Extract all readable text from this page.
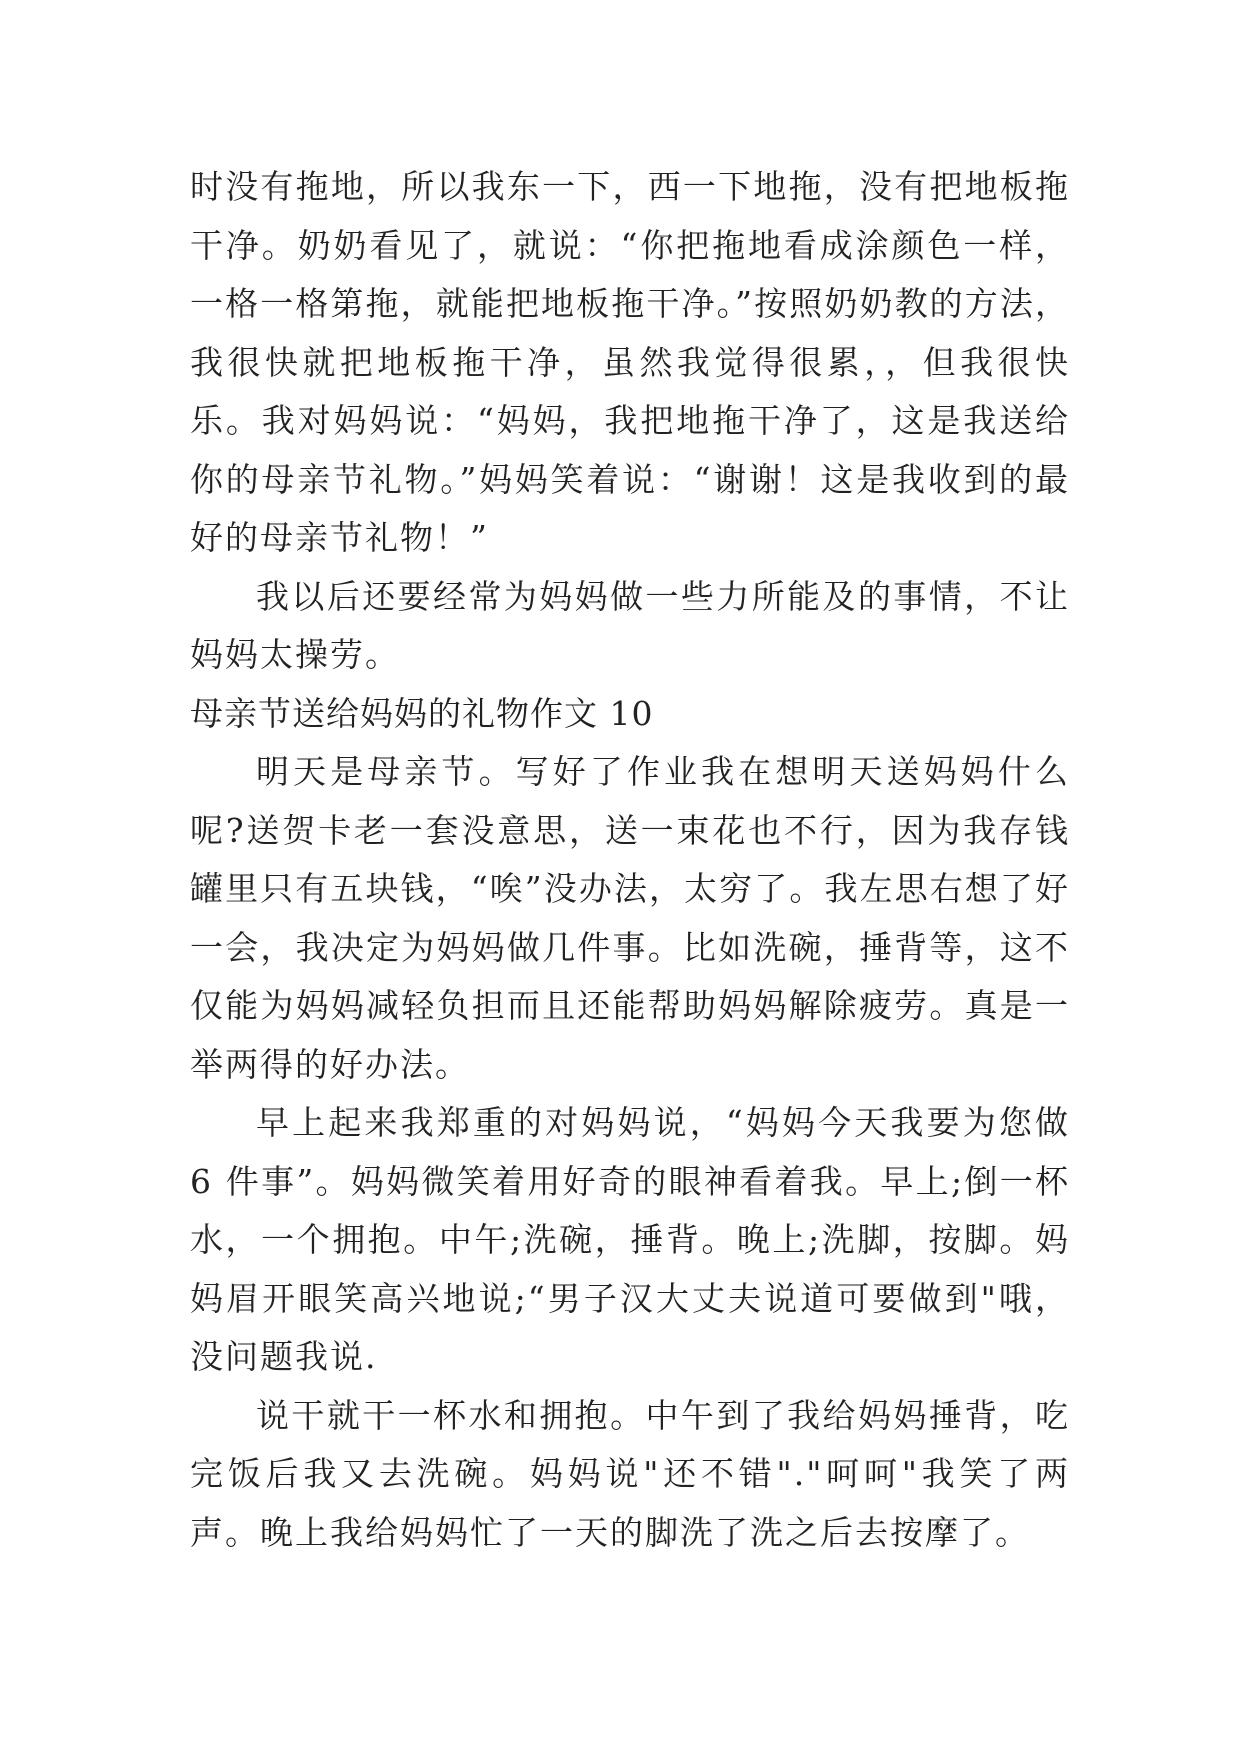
时没有拖地，所以我东一下，西一下地拖，没有把地板拖干净。奶奶看见了，就说：“你把拖地看成涂颜色一样，一格一格第拖，就能把地板拖干净。”按照奶奶教的方法，我很快就把地板拖干净，虽然我觉得很累，，但我很快乐。我对妈妈说：“妈妈，我把地拖干净了，这是我送给你的母亲节礼物。”妈妈笑着说：“谢谢！这是我收到的最好的母亲节礼物！”

我以后还要经常为妈妈做一些力所能及的事情，不让妈妈太操劳。

母亲节送给妈妈的礼物作文 10

明天是母亲节。写好了作业我在想明天送妈妈什么呢?送贺卡老一套没意思，送一束花也不行，因为我存钱罐里只有五块钱，“唉”没办法，太穷了。我左思右想了好一会，我决定为妈妈做几件事。比如洗碗，捶背等，这不仅能为妈妈减轻负担而且还能帮助妈妈解除疲劳。真是一举两得的好办法。

早上起来我郑重的对妈妈说，“妈妈今天我要为您做 6 件事”。妈妈微笑着用好奇的眼神看着我。早上;倒一杯水，一个拥抱。中午;洗碗，捶背。晚上;洗脚，按脚。妈妈眉开眼笑高兴地说;“男子汉大丈夫说道可要做到"哦，没问题我说.

说干就干一杯水和拥抱。中午到了我给妈妈捶背，吃完饭后我又去洗碗。妈妈说"还不错"."呵呵"我笑了两声。晚上我给妈妈忙了一天的脚洗了洗之后去按摩了。
